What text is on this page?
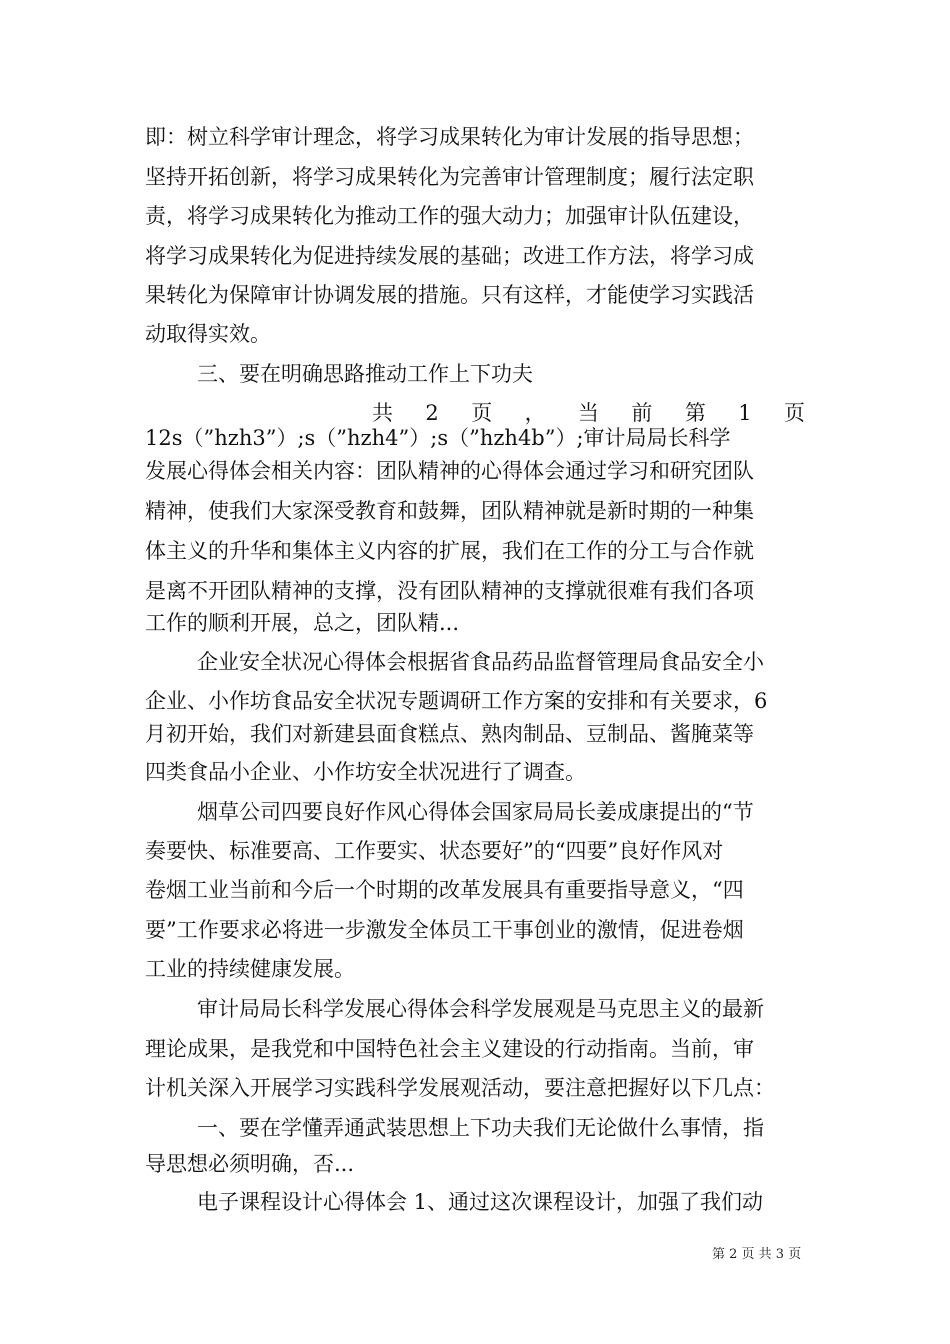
即：树立科学审计理念，将学习成果转化为审计发展的指导思想；
坚持开拓创新，将学习成果转化为完善审计管理制度；履行法定职
责，将学习成果转化为推动工作的强大动力；加强审计队伍建设，
将学习成果转化为促进持续发展的基础；改进工作方法，将学习成
果转化为保障审计协调发展的措施。只有这样，才能使学习实践活
动取得实效。
三、要在明确思路推动工作上下功夫
共 2 页 ， 当 前 第 1 页
12s（”hzh3”）;s（”hzh4”）;s（”hzh4b”）;审计局局长科学
发展心得体会相关内容：团队精神的心得体会通过学习和研究团队
精神，使我们大家深受教育和鼓舞，团队精神就是新时期的一种集
体主义的升华和集体主义内容的扩展，我们在工作的分工与合作就
是离不开团队精神的支撑，没有团队精神的支撑就很难有我们各项
工作的顺利开展，总之，团队精...
企业安全状况心得体会根据省食品药品监督管理局食品安全小
企业、小作坊食品安全状况专题调研工作方案的安排和有关要求，6
月初开始，我们对新建县面食糕点、熟肉制品、豆制品、酱腌菜等
四类食品小企业、小作坊安全状况进行了调查。
烟草公司四要良好作风心得体会国家局局长姜成康提出的“节
奏要快、标准要高、工作要实、状态要好”的“四要”良好作风对
卷烟工业当前和今后一个时期的改革发展具有重要指导意义，“四
要”工作要求必将进一步激发全体员工干事创业的激情，促进卷烟
工业的持续健康发展。
审计局局长科学发展心得体会科学发展观是马克思主义的最新
理论成果，是我党和中国特色社会主义建设的行动指南。当前，审
计机关深入开展学习实践科学发展观活动，要注意把握好以下几点：
一、要在学懂弄通武装思想上下功夫我们无论做什么事情，指
导思想必须明确，否...
电子课程设计心得体会 1、通过这次课程设计，加强了我们动
第 2 页 共 3 页
